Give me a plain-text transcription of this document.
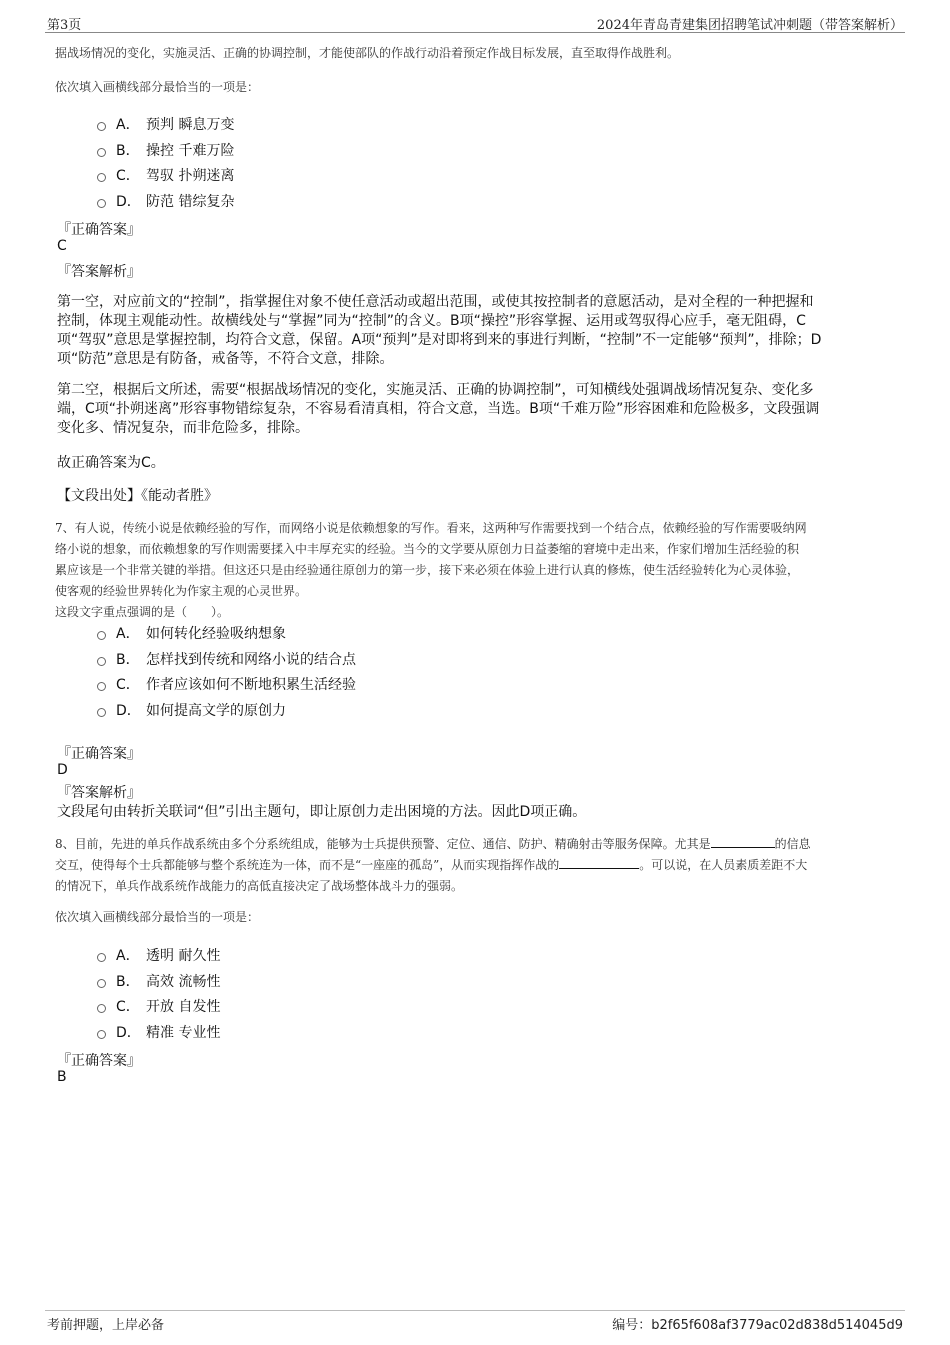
第3页	2024年青岛青建集团招聘笔试冲刺题（带答案解析）
据战场情况的变化，实施灵活、正确的协调控制，才能使部队的作战行动沿着预定作战目标发展，直至取得作战胜利。
依次填入画横线部分最恰当的一项是：
A． 预判 瞬息万变
B． 操控 千难万险
C． 驾驭 扑朔迷离
D． 防范 错综复杂
『正确答案』
C
『答案解析』
第一空，对应前文的“控制”，指掌握住对象不使任意活动或超出范围，或使其按控制者的意愿活动，是对全程的一种把握和
控制，体现主观能动性。故横线处与“掌握”同为“控制”的含义。B项“操控”形容掌握、运用或驾驭得心应手，毫无阻碍，C
项“驾驭”意思是掌握控制，均符合文意，保留。A项“预判”是对即将到来的事进行判断，“控制”不一定能够“预判”，排除；D
项“防范”意思是有防备，戒备等，不符合文意，排除。
第二空，根据后文所述，需要“根据战场情况的变化，实施灵活、正确的协调控制”，可知横线处强调战场情况复杂、变化多
端，C项“扑朔迷离”形容事物错综复杂，不容易看清真相，符合文意，当选。B项“千难万险”形容困难和危险极多，文段强调
变化多、情况复杂，而非危险多，排除。
故正确答案为C。
【文段出处】《能动者胜》
7、有人说，传统小说是依赖经验的写作，而网络小说是依赖想象的写作。看来，这两种写作需要找到一个结合点，依赖经验的写作需要吸纳网
络小说的想象，而依赖想象的写作则需要揉入中丰厚充实的经验。当今的文学要从原创力日益萎缩的窘境中走出来，作家们增加生活经验的积
累应该是一个非常关键的举措。但这还只是由经验通往原创力的第一步，接下来必须在体验上进行认真的修炼，使生活经验转化为心灵体验，
使客观的经验世界转化为作家主观的心灵世界。
这段文字重点强调的是（　　）。
A． 如何转化经验吸纳想象
B． 怎样找到传统和网络小说的结合点
C． 作者应该如何不断地积累生活经验
D． 如何提高文学的原创力
『正确答案』
D
『答案解析』
文段尾句由转折关联词“但”引出主题句，即让原创力走出困境的方法。因此D项正确。
8、目前，先进的单兵作战系统由多个分系统组成，能够为士兵提供预警、定位、通信、防护、精确射击等服务保障。尤其是	的信息
交互，使得每个士兵都能够与整个系统连为一体，而不是“一座座的孤岛”，从而实现指挥作战的	。可以说，在人员素质差距不大
的情况下，单兵作战系统作战能力的高低直接决定了战场整体战斗力的强弱。
依次填入画横线部分最恰当的一项是：
A． 透明 耐久性
B． 高效 流畅性
C． 开放 自发性
D． 精准 专业性
『正确答案』
B
考前押题，上岸必备	编号：b2f65f608af3779ac02d838d514045d9
